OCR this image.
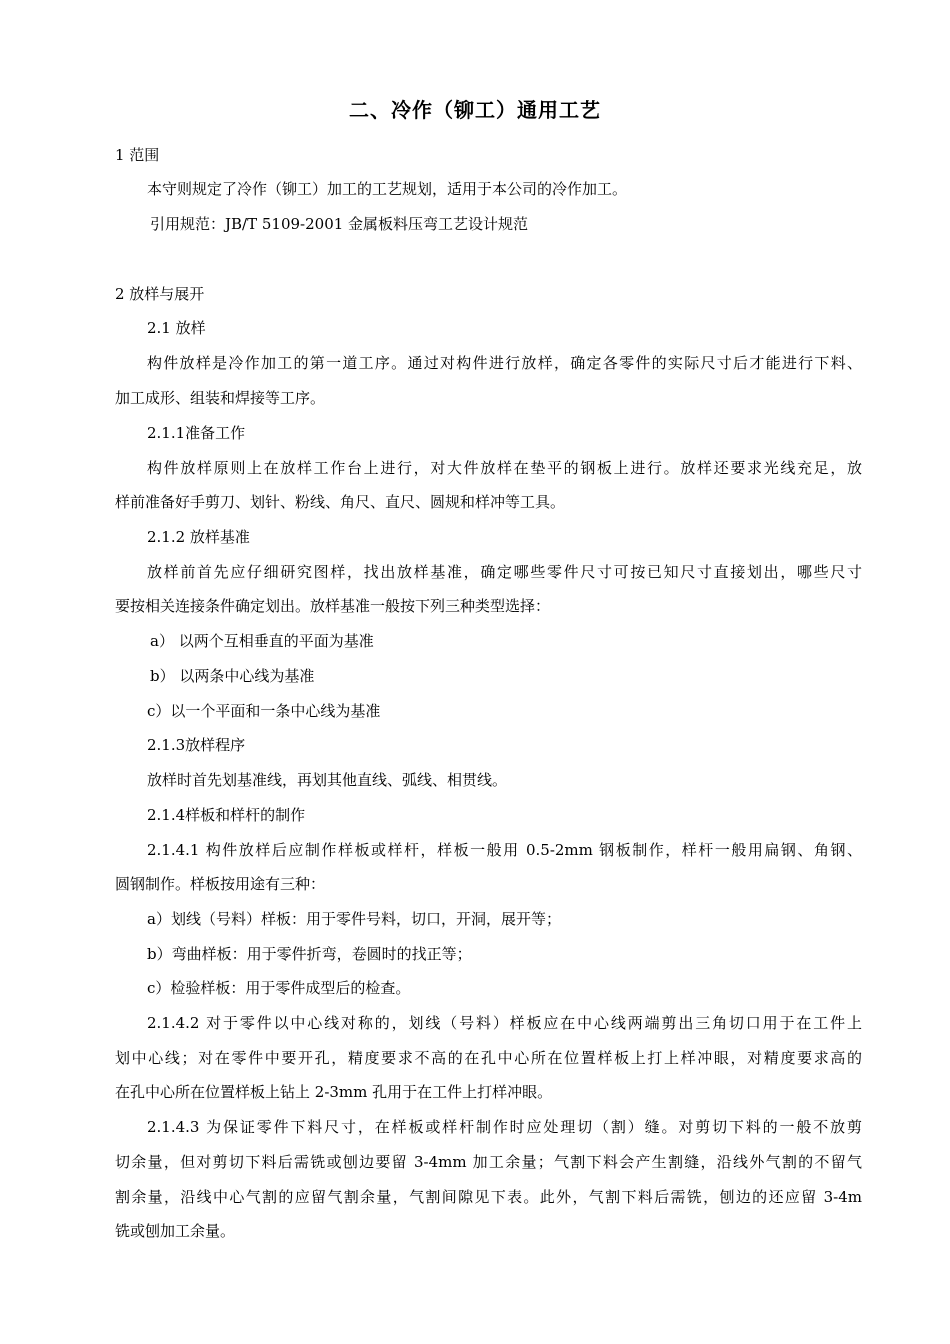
二、冷作（铆工）通用工艺
1 范围
本守则规定了冷作（铆工）加工的工艺规划，适用于本公司的冷作加工。
引用规范：JB/T 5109-2001 金属板料压弯工艺设计规范
2 放样与展开
2.1 放样
构件放样是冷作加工的第一道工序。通过对构件进行放样，确定各零件的实际尺寸后才能进行下料、
加工成形、组装和焊接等工序。
2.1.1准备工作
构件放样原则上在放样工作台上进行，对大件放样在垫平的钢板上进行。放样还要求光线充足，放
样前准备好手剪刀、划针、粉线、角尺、直尺、圆规和样冲等工具。
2.1.2 放样基准
放样前首先应仔细研究图样，找出放样基准，确定哪些零件尺寸可按已知尺寸直接划出，哪些尺寸
要按相关连接条件确定划出。放样基准一般按下列三种类型选择：
a） 以两个互相垂直的平面为基准
b） 以两条中心线为基准
c）以一个平面和一条中心线为基准
2.1.3放样程序
放样时首先划基准线，再划其他直线、弧线、相贯线。
2.1.4样板和样杆的制作
2.1.4.1 构件放样后应制作样板或样杆，样板一般用 0.5-2mm 钢板制作，样杆一般用扁钢、角钢、
圆钢制作。样板按用途有三种：
a）划线（号料）样板：用于零件号料，切口，开洞，展开等；
b）弯曲样板：用于零件折弯，卷圆时的找正等；
c）检验样板：用于零件成型后的检查。
2.1.4.2 对于零件以中心线对称的，划线（号料）样板应在中心线两端剪出三角切口用于在工件上
划中心线；对在零件中要开孔，精度要求不高的在孔中心所在位置样板上打上样冲眼，对精度要求高的
在孔中心所在位置样板上钻上 2-3mm 孔用于在工件上打样冲眼。
2.1.4.3 为保证零件下料尺寸，在样板或样杆制作时应处理切（割）缝。对剪切下料的一般不放剪
切余量，但对剪切下料后需铣或刨边要留 3-4mm 加工余量；气割下料会产生割缝，沿线外气割的不留气
割余量，沿线中心气割的应留气割余量，气割间隙见下表。此外，气割下料后需铣，刨边的还应留 3-4m
铣或刨加工余量。
